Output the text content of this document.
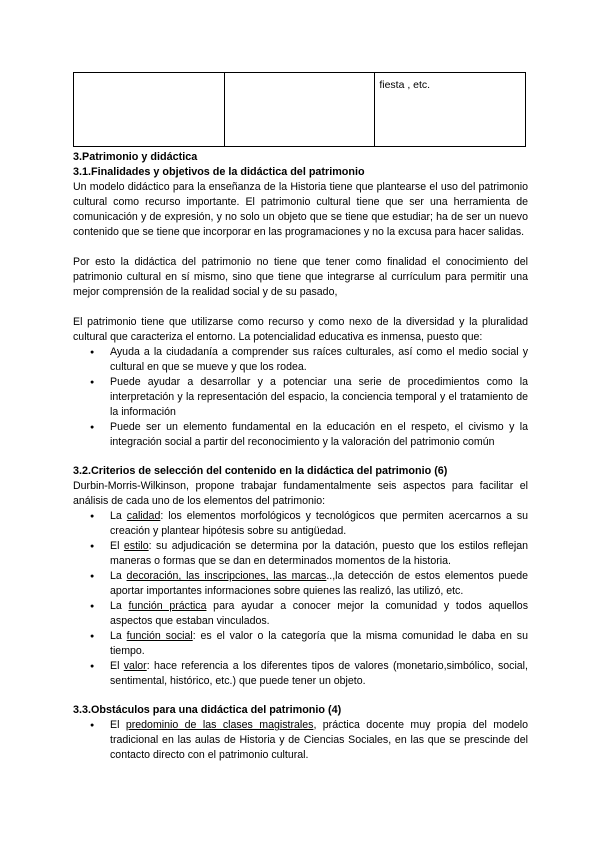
		fiesta , etc.
3.Patrimonio y didáctica
3.1.Finalidades y objetivos de la didáctica del patrimonio

Un modelo didáctico para la enseñanza de la Historia tiene que plantearse el uso del patrimonio cultural como recurso importante. El patrimonio cultural tiene que ser una herramienta de comunicación y de expresión, y no solo un objeto que se tiene que estudiar; ha de ser un nuevo contenido que se tiene que incorporar en las programaciones y no la excusa para hacer salidas.

Por esto la didáctica del patrimonio no tiene que tener como finalidad el conocimiento del patrimonio cultural en sí mismo, sino que tiene que integrarse al currículum para permitir una mejor comprensión de la realidad social y de su pasado,

El patrimonio tiene que utilizarse como recurso y como nexo de la diversidad y la pluralidad cultural que caracteriza el entorno. La potencialidad educativa es inmensa, puesto que:

● Ayuda a la ciudadanía a comprender sus raíces culturales, así como el medio social y cultural en que se mueve y que los rodea.
● Puede ayudar a desarrollar y a potenciar una serie de procedimientos como la interpretación y la representación del espacio, la conciencia temporal y el tratamiento de la información
● Puede ser un elemento fundamental en la educación en el respeto, el civismo y la integración social a partir del reconocimiento y la valoración del patrimonio común
3.2.Criterios de selección del contenido en la didáctica del patrimonio (6)

Durbin-Morris-Wilkinson, propone trabajar fundamentalmente seis aspectos para facilitar el análisis de cada uno de los elementos del patrimonio:

● La calidad: los elementos morfológicos y tecnológicos que permiten acercarnos a su creación y plantear hipótesis sobre su antigüedad.
● El estilo: su adjudicación se determina por la datación, puesto que los estilos reflejan maneras o formas que se dan en determinados momentos de la historia.
● La decoración, las inscripciones, las marcas..,la detección de estos elementos puede aportar importantes informaciones sobre quienes las realizó, las utilizó, etc.
● La función práctica para ayudar a conocer mejor la comunidad y todos aquellos aspectos que estaban vinculados.
● La función social: es el valor o la categoría que la misma comunidad le daba en su tiempo.
● El valor: hace referencia a los diferentes tipos de valores (monetario,simbólico, social, sentimental, histórico, etc.) que puede tener un objeto.
3.3.Obstáculos para una didáctica del patrimonio (4)
● El predominio de las clases magistrales, práctica docente muy propia del modelo tradicional en las aulas de Historia y de Ciencias Sociales, en las que se prescinde del contacto directo con el patrimonio cultural.
